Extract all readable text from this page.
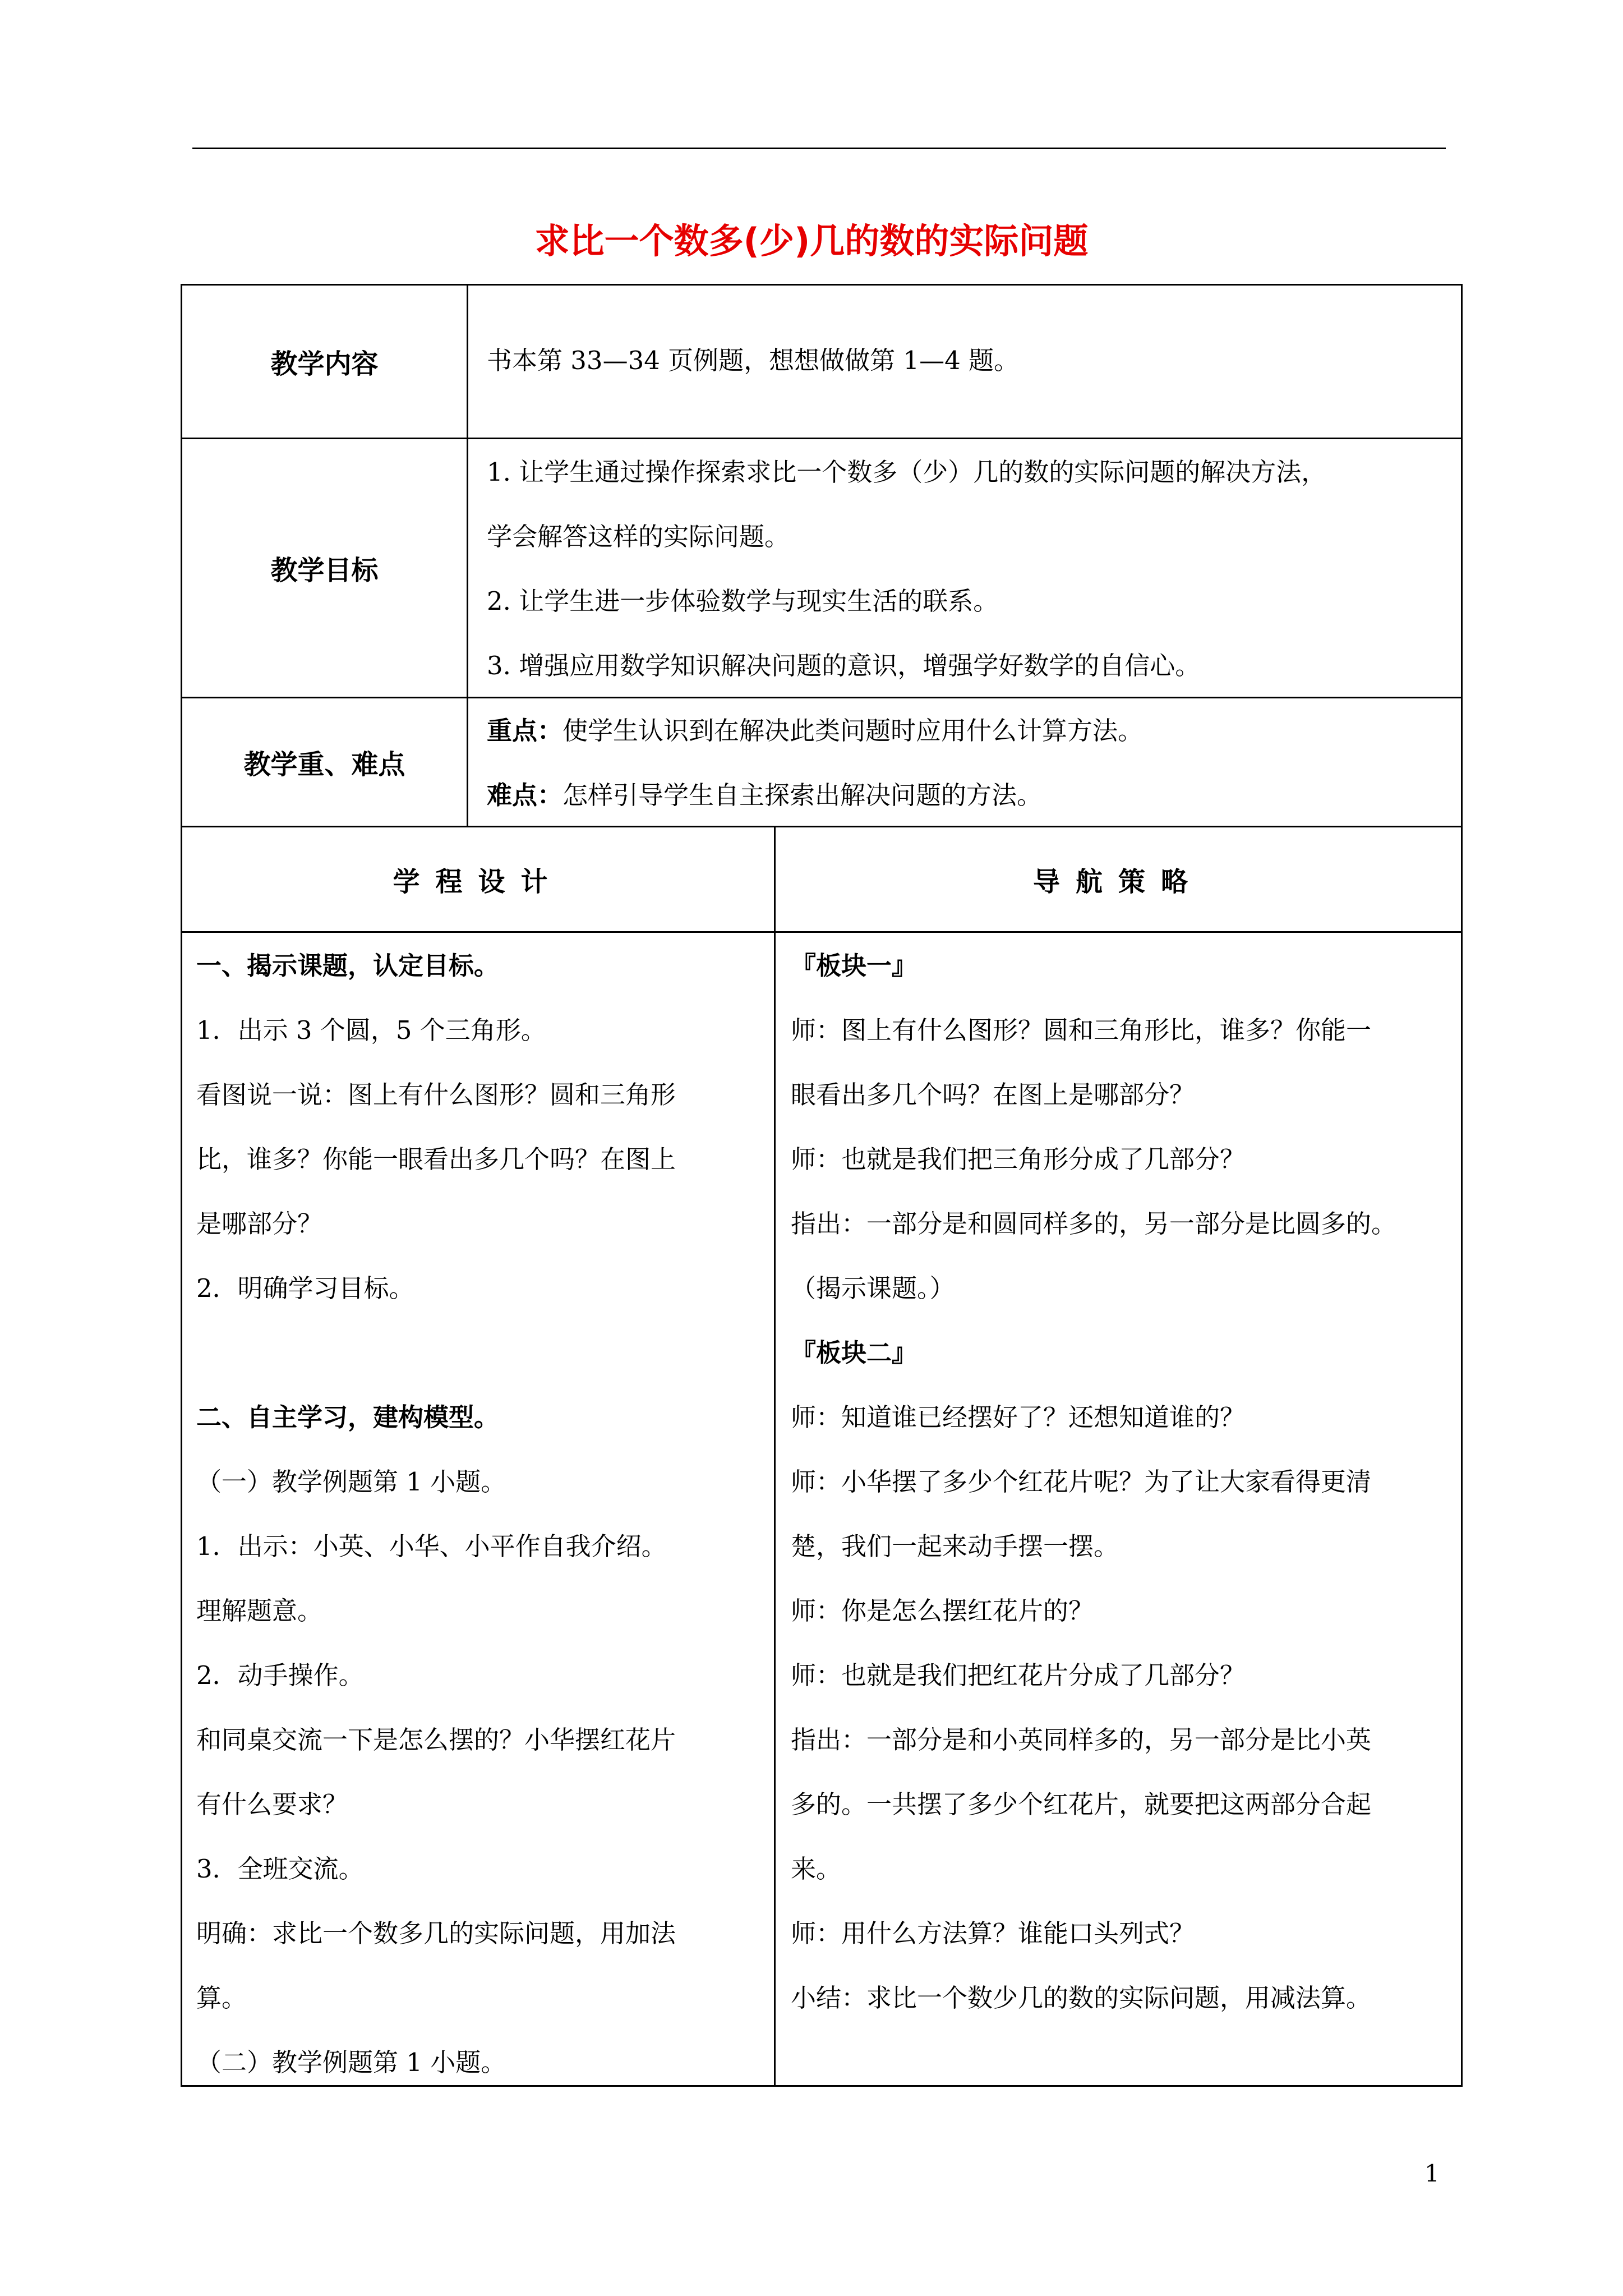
求比一个数多(少)几的数的实际问题
教学内容	书本第 33—34 页例题，想想做做第 1—4 题。

教学目标

1. 让学生通过操作探索求比一个数多（少）几的数的实际问题的解决方法，

学会解答这样的实际问题。

2. 让学生进一步体验数学与现实生活的联系。

3. 增强应用数学知识解决问题的意识，增强学好数学的自信心。

教学重、难点

重点：使学生认识到在解决此类问题时应用什么计算方法。

难点：怎样引导学生自主探索出解决问题的方法。

学程设计	导航策略

一、揭示课题，认定目标。

1．出示 3 个圆，5 个三角形。

看图说一说：图上有什么图形？圆和三角形

比，谁多？你能一眼看出多几个吗？在图上

是哪部分？

2．明确学习目标。

二、自主学习，建构模型。

（一）教学例题第 1 小题。

1．出示：小英、小华、小平作自我介绍。

理解题意。

2．动手操作。

和同桌交流一下是怎么摆的？小华摆红花片

有什么要求？

3．全班交流。

明确：求比一个数多几的实际问题，用加法

算。

（二）教学例题第 1 小题。

『板块一』

师：图上有什么图形？圆和三角形比，谁多？你能一

眼看出多几个吗？在图上是哪部分？

师：也就是我们把三角形分成了几部分？

指出：一部分是和圆同样多的，另一部分是比圆多的。

（揭示课题。）

『板块二』

师：知道谁已经摆好了？还想知道谁的？

师：小华摆了多少个红花片呢？为了让大家看得更清

楚，我们一起来动手摆一摆。

师：你是怎么摆红花片的？

师：也就是我们把红花片分成了几部分？

指出：一部分是和小英同样多的，另一部分是比小英

多的。一共摆了多少个红花片，就要把这两部分合起

来。

师：用什么方法算？谁能口头列式？

小结：求比一个数少几的数的实际问题，用减法算。

1
